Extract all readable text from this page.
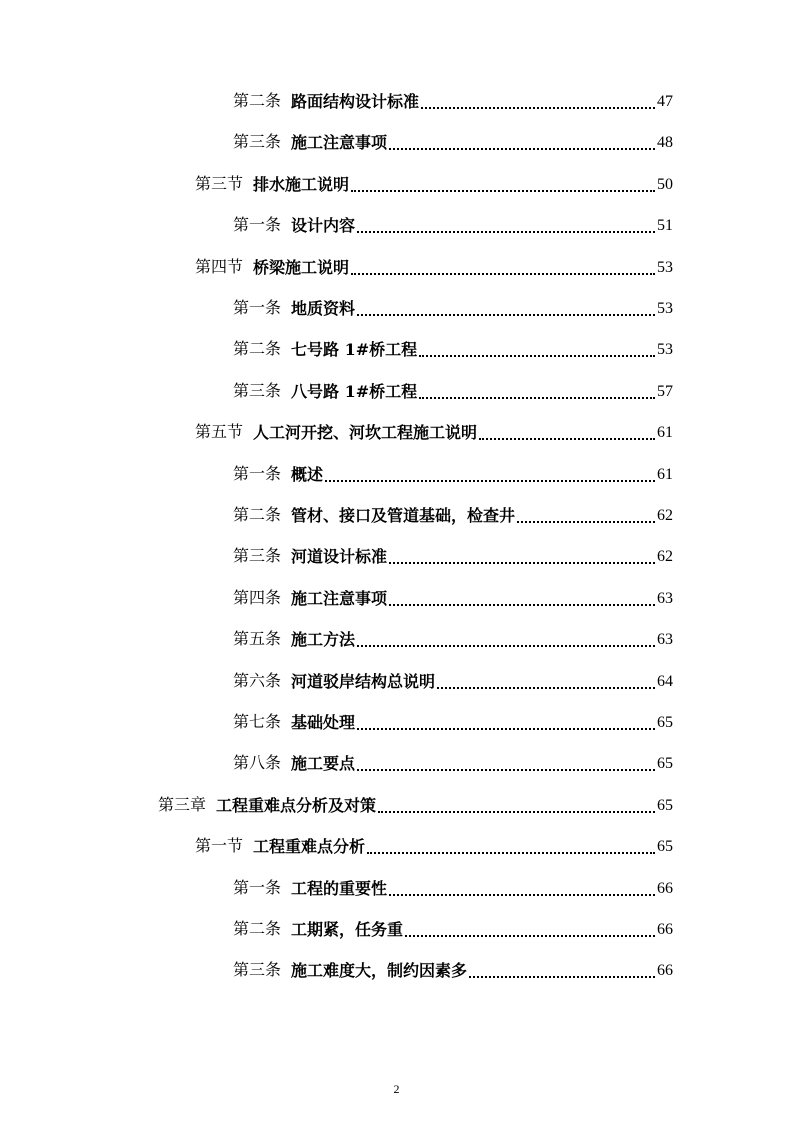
第二条 路面结构设计标准	47
第三条 施工注意事项	48
第三节 排水施工说明	50
第一条 设计内容	51
第四节 桥梁施工说明	53
第一条 地质资料	53
第二条 七号路 1#桥工程	53
第三条 八号路 1#桥工程	57
第五节 人工河开挖、河坎工程施工说明	61
第一条 概述	61
第二条 管材、接口及管道基础，检查井	62
第三条 河道设计标准	62
第四条 施工注意事项	63
第五条 施工方法	63
第六条 河道驳岸结构总说明	64
第七条 基础处理	65
第八条 施工要点	65
第三章 工程重难点分析及对策	65
第一节 工程重难点分析	65
第一条 工程的重要性	66
第二条 工期紧，任务重	66
第三条 施工难度大，制约因素多	66
2
